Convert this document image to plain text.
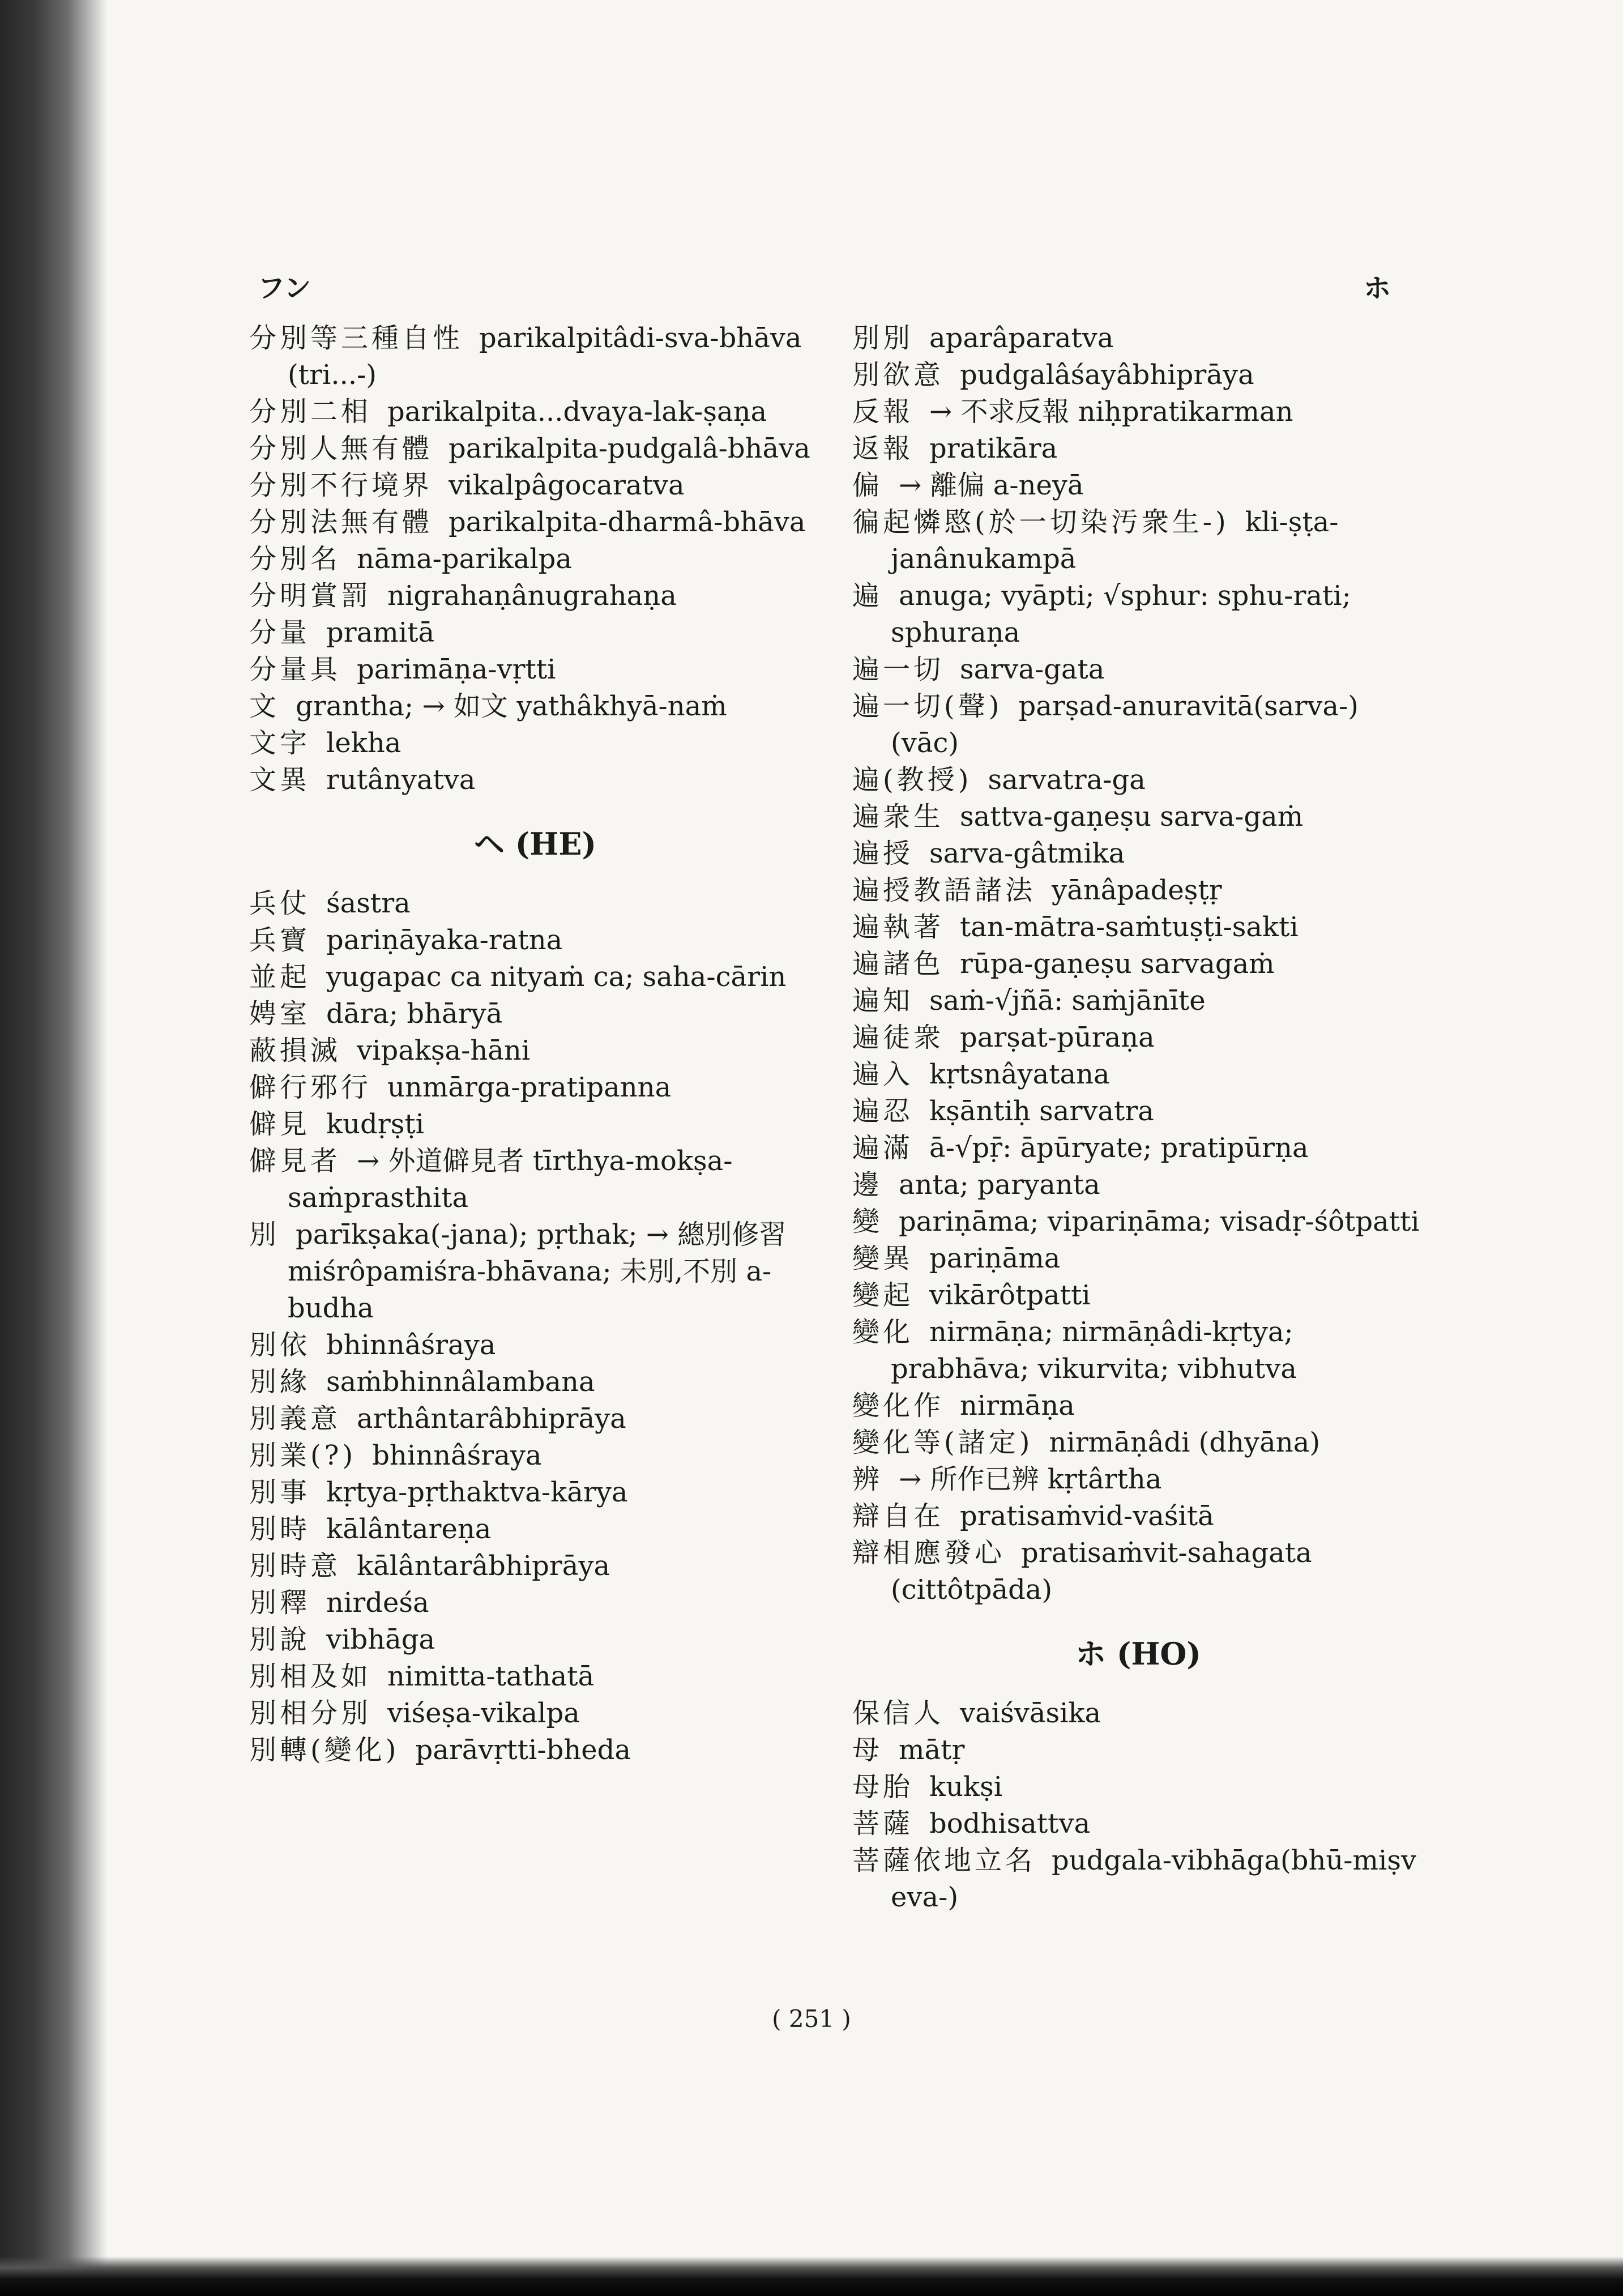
フン	ホ
分別等三種自性 parikalpitâdi-sva-bhāva (tri...-)
分別二相 parikalpita...dvaya-lak-ṣaṇa
分別人無有體 parikalpita-pudgalâ-bhāva
分別不行境界 vikalpâgocaratva
分別法無有體 parikalpita-dharmâ-bhāva
分別名 nāma-parikalpa
分明賞罰 nigrahaṇânugrahaṇa
分量 pramitā
分量具 parimāṇa-vṛtti
文 grantha; → 如文 yathâkhyā-naṁ
文字 lekha
文異 rutânyatva
ヘ (HE)
兵仗 śastra
兵寶 pariṇāyaka-ratna
並起 yugapac ca nityaṁ ca; saha-cārin
娉室 dāra; bhāryā
蔽損滅 vipakṣa-hāni
僻行邪行 unmārga-pratipanna
僻見 kudṛṣṭi
僻見者 → 外道僻見者 tīrthya-mokṣa-saṁprasthita
別 parīkṣaka(-jana); pṛthak; → 總別修習 miśrôpamiśra-bhāvana; 未別,不別 a-budha
別依 bhinnâśraya
別緣 saṁbhinnâlambana
別義意 arthântarâbhiprāya
別業(?) bhinnâśraya
別事 kṛtya-pṛthaktva-kārya
別時 kālântareṇa
別時意 kālântarâbhiprāya
別釋 nirdeśa
別說 vibhāga
別相及如 nimitta-tathatā
別相分別 viśeṣa-vikalpa
別轉(變化) parāvṛtti-bheda
別別 aparâparatva
別欲意 pudgalâśayâbhiprāya
反報 → 不求反報 niḥpratikarman
返報 pratikāra
偏 → 離偏 a-neyā
徧起憐愍(於一切染汚衆生-) kli-ṣṭa-janânukampā
遍 anuga; vyāpti; √sphur: sphu-rati; sphuraṇa
遍一切 sarva-gata
遍一切(聲) parṣad-anuravitā(sarva-) (vāc)
遍(教授) sarvatra-ga
遍衆生 sattva-gaṇeṣu sarva-gaṁ
遍授 sarva-gâtmika
遍授教語諸法 yānâpadeṣṭṛ
遍執著 tan-mātra-saṁtuṣṭi-sakti
遍諸色 rūpa-gaṇeṣu sarvagaṁ
遍知 saṁ-√jñā: saṁjānīte
遍徒衆 parṣat-pūraṇa
遍入 kṛtsnâyatana
遍忍 kṣāntiḥ sarvatra
遍滿 ā-√pṝ: āpūryate; pratipūrṇa
邊 anta; paryanta
變 pariṇāma; vipariṇāma; visadṛ-śôtpatti
變異 pariṇāma
變起 vikārôtpatti
變化 nirmāṇa; nirmāṇâdi-kṛtya; prabhāva; vikurvita; vibhutva
變化作 nirmāṇa
變化等(諸定) nirmāṇâdi (dhyāna)
辨 → 所作已辨 kṛtârtha
辯自在 pratisaṁvid-vaśitā
辯相應發心 pratisaṁvit-sahagata (cittôtpāda)
ホ (HO)
保信人 vaiśvāsika
母 mātṛ
母胎 kukṣi
菩薩 bodhisattva
菩薩依地立名 pudgala-vibhāga(bhū-miṣv eva-)
( 251 )
